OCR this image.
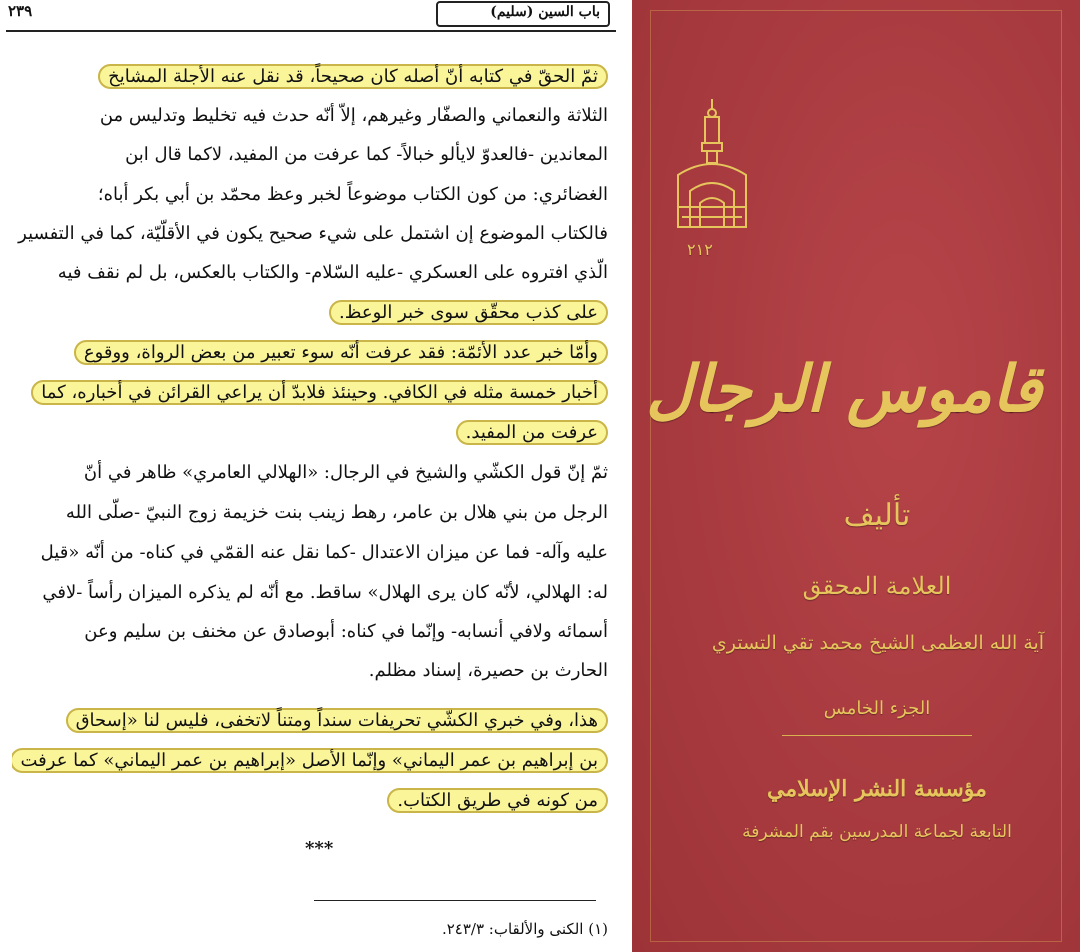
باب السين (سليم)
٢٣٩
ثمّ الحقّ في كتابه أنّ أصله كان صحيحاً، قد نقل عنه الأجلة المشايخ
الثلاثة والنعماني والصفّار وغيرهم، إلاّ أنّه حدث فيه تخليط وتدليس من
المعاندين -فالعدوّ لايألو خبالاً- كما عرفت من المفيد، لاكما قال ابن
الغضائري: من كون الكتاب موضوعاً لخبر وعظ محمّد بن أبي بكر أباه؛
فالكتاب الموضوع إن اشتمل على شيء صحيح يكون في الأقلّيّة، كما في التفسير
الّذي افتروه على العسكري -عليه السّلام- والكتاب بالعكس، بل لم نقف فيه
على كذب محقّق سوى خبر الوعظ.
وأمّا خبر عدد الأئمّة: فقد عرفت أنّه سوء تعبير من بعض الرواة، ووقوع
أخبار خمسة مثله في الكافي. وحينئذ فلابدّ أن يراعي القرائن في أخباره، كما
عرفت من المفيد.
ثمّ إنّ قول الكشّي والشيخ في الرجال: «الهلالي العامري» ظاهر في أنّ
الرجل من بني هلال بن عامر، رهط زينب بنت خزيمة زوج النبيّ -صلّى الله
عليه وآله- فما عن ميزان الاعتدال -كما نقل عنه القمّي في كناه- من أنّه «قيل
له: الهلالي، لأنّه كان يرى الهلال» ساقط. مع أنّه لم يذكره الميزان رأساً -لافي
أسمائه ولافي أنسابه- وإنّما في كناه: أبوصادق عن مخنف بن سليم وعن
الحارث بن حصيرة، إسناد مظلم.
هذا، وفي خبري الكشّي تحريفات سنداً ومتناً لاتخفى، فليس لنا «إسحاق
بن إبراهيم بن عمر اليماني» وإنّما الأصل «إبراهيم بن عمر اليماني» كما عرفت
من كونه في طريق الكتاب.
***
(١) الكنى والألقاب: ٢٤٣/٣.
٢١٢
قاموس الرجال
تأليف
العلامة المحقق
آية الله العظمى الشيخ محمد تقي التستري
الجزء الخامس
مؤسسة النشر الإسلامي
التابعة لجماعة المدرسين بقم المشرفة
